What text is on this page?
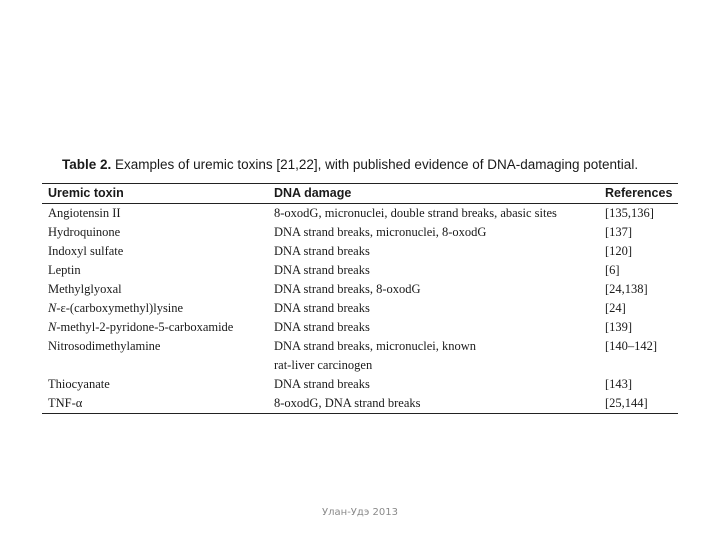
Table 2. Examples of uremic toxins [21,22], with published evidence of DNA-damaging potential.
Uremic toxin	DNA damage	References
Angiotensin II	8-oxodG, micronuclei, double strand breaks, abasic sites	[135,136]
Hydroquinone	DNA strand breaks, micronuclei, 8-oxodG	[137]
Indoxyl sulfate	DNA strand breaks	[120]
Leptin	DNA strand breaks	[6]
Methylglyoxal	DNA strand breaks, 8-oxodG	[24,138]
N-ε-(carboxymethyl)lysine	DNA strand breaks	[24]
N-methyl-2-pyridone-5-carboxamide	DNA strand breaks	[139]
Nitrosodimethylamine	DNA strand breaks, micronuclei, known	[140–142]
	rat-liver carcinogen	
Thiocyanate	DNA strand breaks	[143]
TNF-α	8-oxodG, DNA strand breaks	[25,144]
Улан-Удэ 2013
